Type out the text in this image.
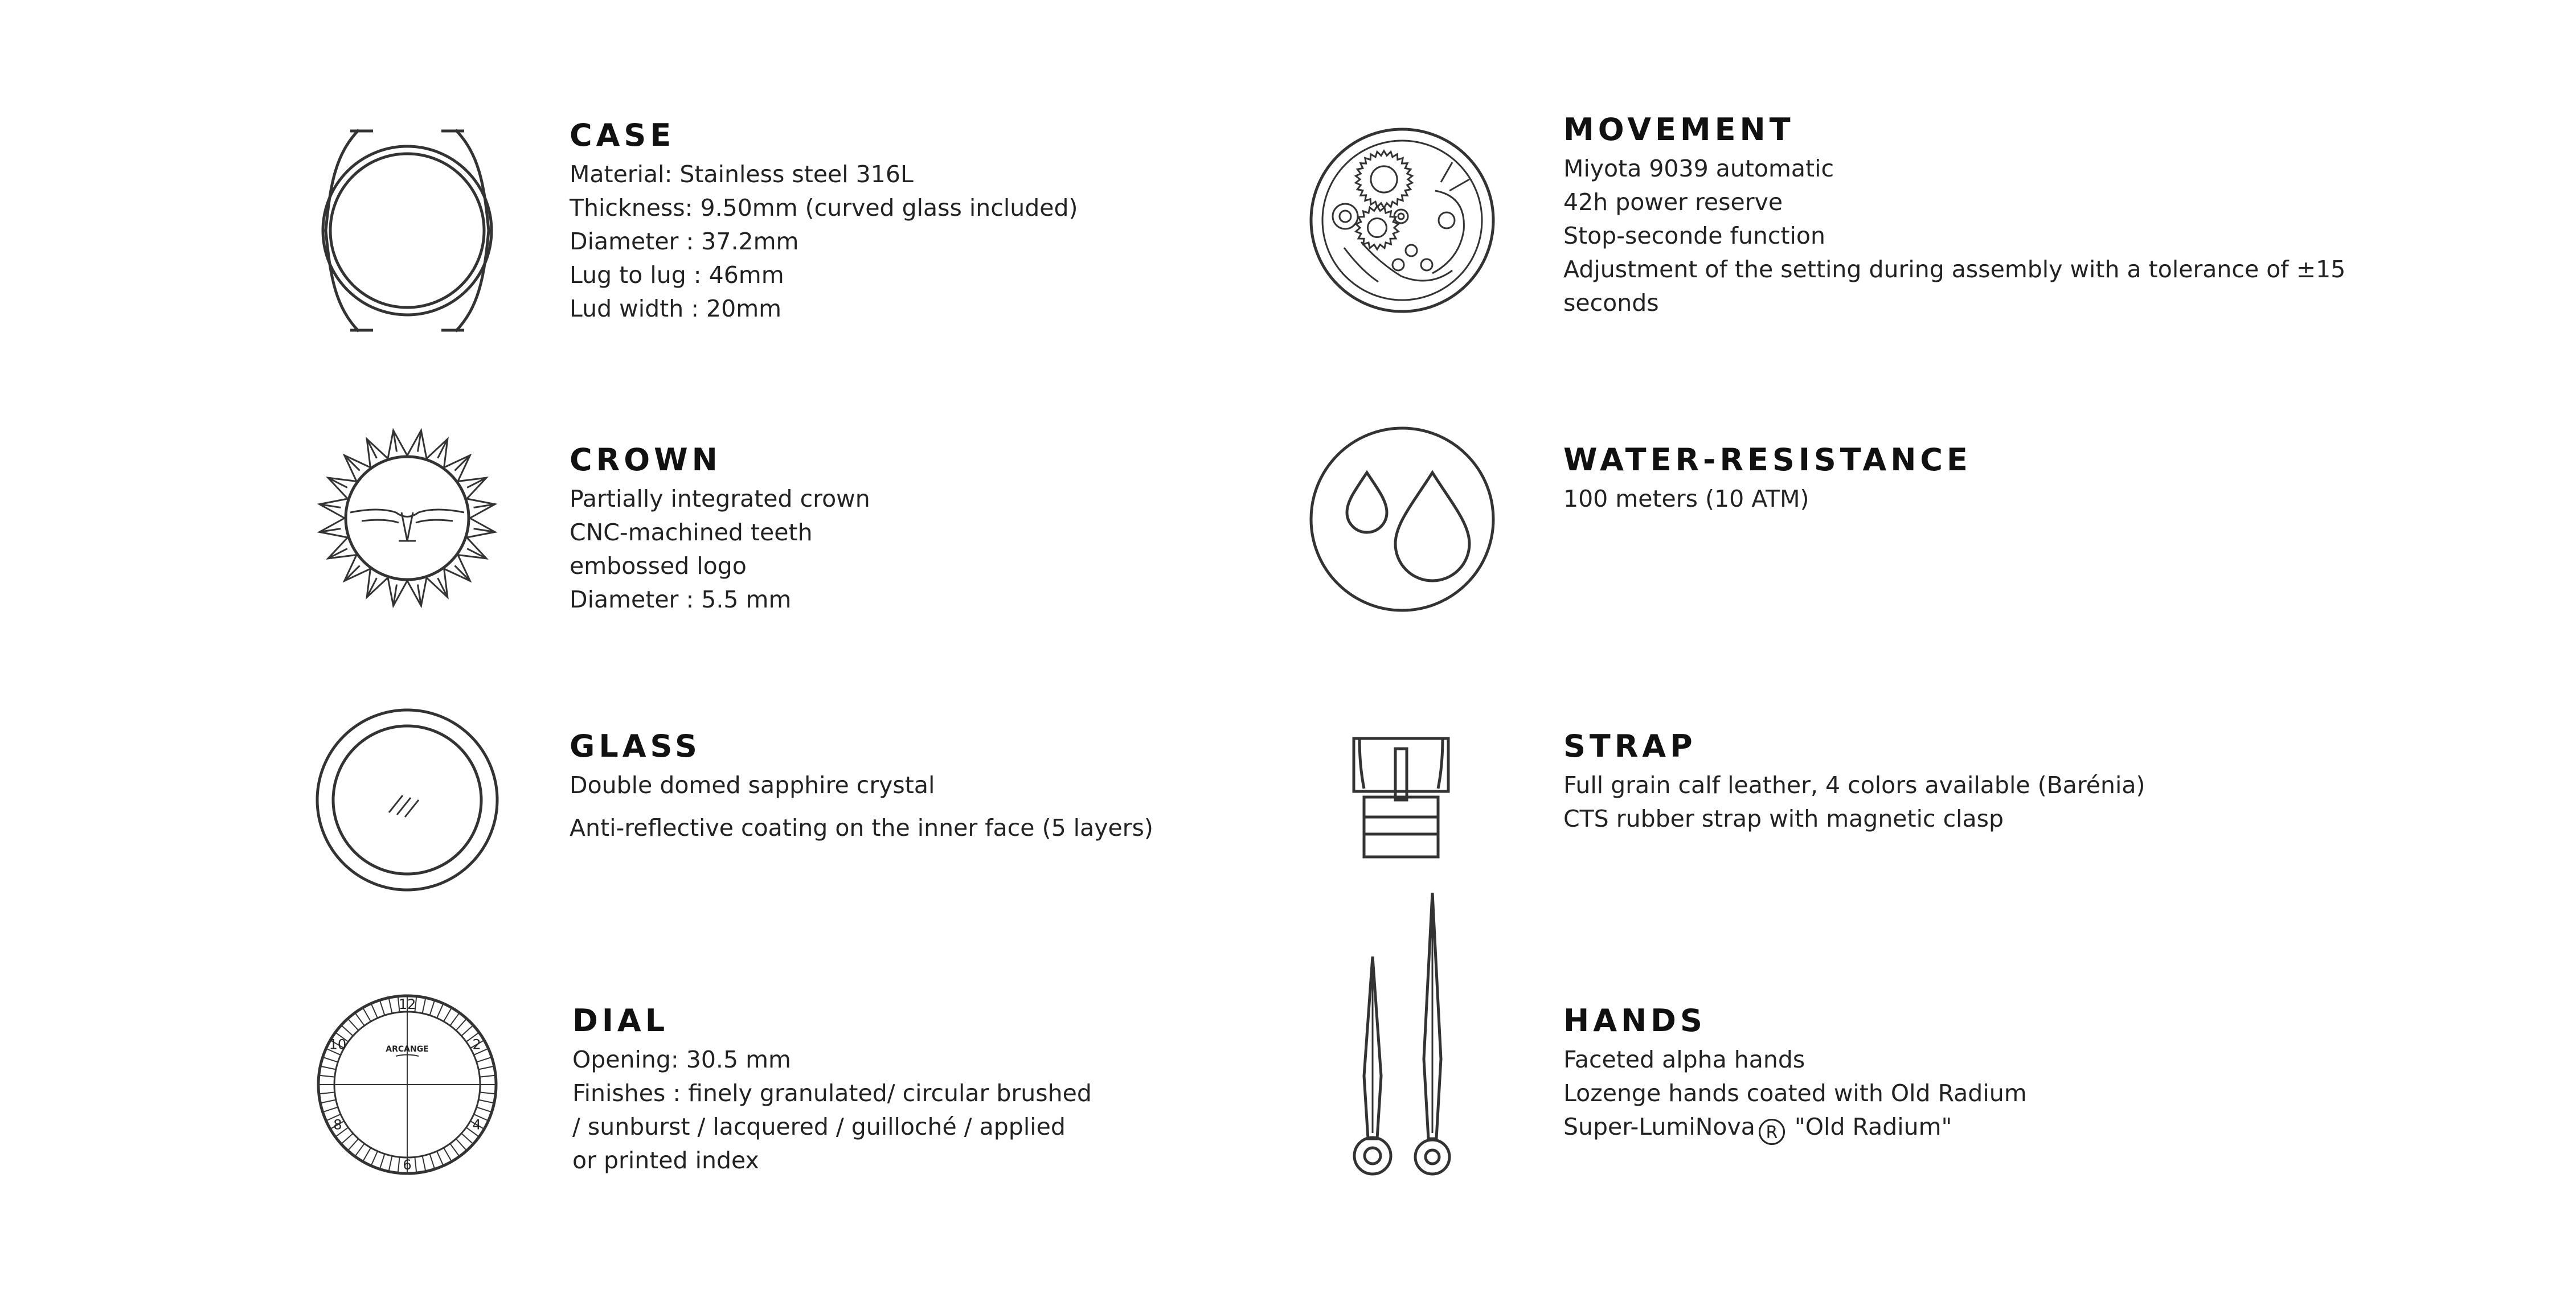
CASE
Material: Stainless steel 316L
Thickness: 9.50mm (curved glass included)
Diameter : 37.2mm
Lug to lug : 46mm
Lud width : 20mm
CROWN
Partially integrated crown
CNC-machined teeth
embossed logo
Diameter : 5.5 mm
GLASS
Double domed sapphire crystal
Anti-reflective coating on the inner face (5 layers)
ARCANGE
12
2
4
6
8
10
DIAL
Opening: 30.5 mm
Finishes : finely granulated/ circular brushed
/ sunburst / lacquered / guilloché / applied
or printed index
MOVEMENT
Miyota 9039 automatic
42h power reserve
Stop-seconde function
Adjustment of the setting during assembly with a tolerance of ±15
seconds
WATER-RESISTANCE
100 meters (10 ATM)
STRAP
Full grain calf leather, 4 colors available (Barénia)
CTS rubber strap with magnetic clasp
HANDS
Faceted alpha hands
Lozenge hands coated with Old Radium
Super-LumiNova R "Old Radium"
